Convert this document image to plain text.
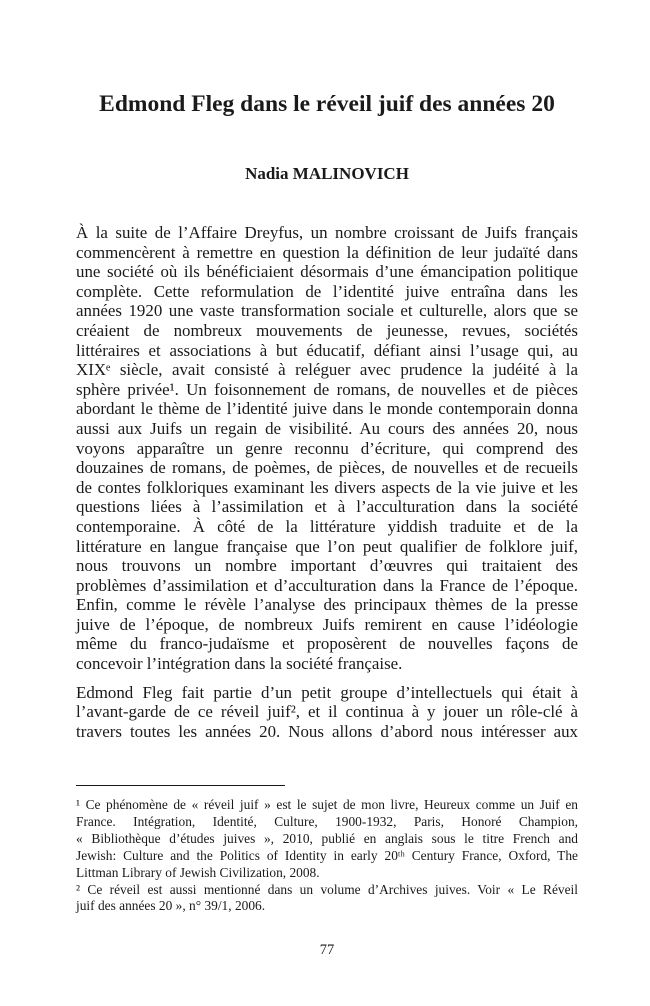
Edmond Fleg dans le réveil juif des années 20

Nadia MALINOVICH

À la suite de l’Affaire Dreyfus, un nombre croissant de Juifs français

commencèrent à remettre en question la définition de leur judaïté dans

une société où ils bénéficiaient désormais d’une émancipation politique

complète. Cette reformulation de l’identité juive entraîna dans les

années 1920 une vaste transformation sociale et culturelle, alors que se

créaient de nombreux mouvements de jeunesse, revues, sociétés

littéraires et associations à but éducatif, défiant ainsi l’usage qui, au

XIXᵉ siècle, avait consisté à reléguer avec prudence la judéité à la

sphère privée¹. Un foisonnement de romans, de nouvelles et de pièces

abordant le thème de l’identité juive dans le monde contemporain donna

aussi aux Juifs un regain de visibilité. Au cours des années 20, nous

voyons apparaître un genre reconnu d’écriture, qui comprend des

douzaines de romans, de poèmes, de pièces, de nouvelles et de recueils

de contes folkloriques examinant les divers aspects de la vie juive et les

questions liées à l’assimilation et à l’acculturation dans la société

contemporaine. À côté de la littérature yiddish traduite et de la

littérature en langue française que l’on peut qualifier de folklore juif,

nous trouvons un nombre important d’œuvres qui traitaient des

problèmes d’assimilation et d’acculturation dans la France de l’époque.

Enfin, comme le révèle l’analyse des principaux thèmes de la presse

juive de l’époque, de nombreux Juifs remirent en cause l’idéologie

même du franco-judaïsme et proposèrent de nouvelles façons de

concevoir l’intégration dans la société française.

Edmond Fleg fait partie d’un petit groupe d’intellectuels qui était à

l’avant-garde de ce réveil juif², et il continua à y jouer un rôle-clé à

travers toutes les années 20. Nous allons d’abord nous intéresser aux

¹ Ce phénomène de « réveil juif » est le sujet de mon livre, Heureux comme un Juif en

France. Intégration, Identité, Culture, 1900-1932, Paris, Honoré Champion,

« Bibliothèque d’études juives », 2010, publié en anglais sous le titre French and

Jewish: Culture and the Politics of Identity in early 20ᵗʰ Century France, Oxford, The

Littman Library of Jewish Civilization, 2008.

² Ce réveil est aussi mentionné dans un volume d’Archives juives. Voir « Le Réveil

juif des années 20 », n° 39/1, 2006.

77
